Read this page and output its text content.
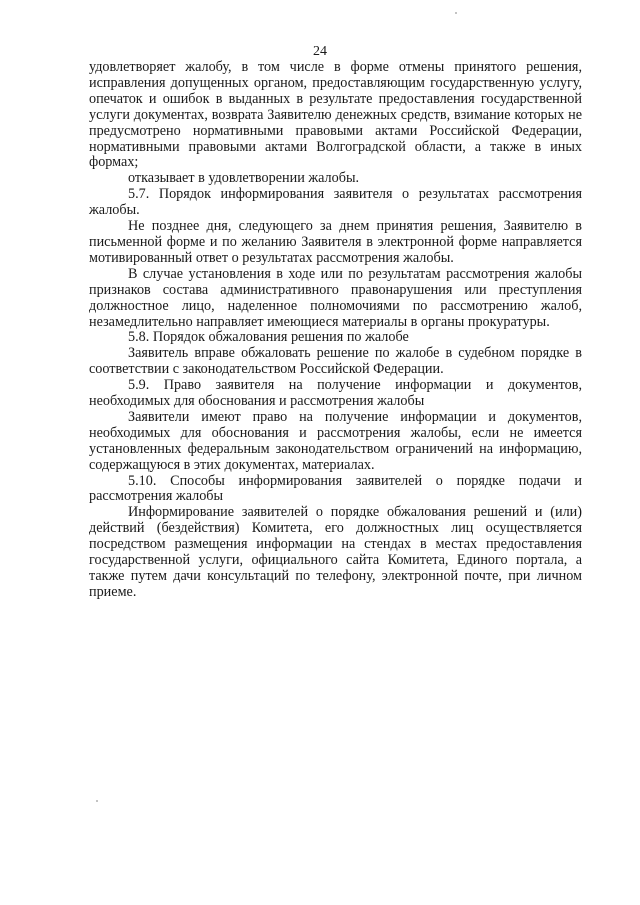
24

удовлетворяет жалобу, в том числе в форме отмены принятого решения, исправления допущенных органом, предоставляющим государственную услугу, опечаток и ошибок в выданных в результате предоставления государственной услуги документах, возврата Заявителю денежных средств, взимание которых не предусмотрено нормативными правовыми актами Российской Федерации, нормативными правовыми актами Волгоградской области, а также в иных формах;

отказывает в удовлетворении жалобы.

5.7. Порядок информирования заявителя о результатах рассмотрения жалобы.

Не позднее дня, следующего за днем принятия решения, Заявителю в письменной форме и по желанию Заявителя в электронной форме направляется мотивированный ответ о результатах рассмотрения жалобы.

В случае установления в ходе или по результатам рассмотрения жалобы признаков состава административного правонарушения или преступления должностное лицо, наделенное полномочиями по рассмотрению жалоб, незамедлительно направляет имеющиеся материалы в органы прокуратуры.

5.8. Порядок обжалования решения по жалобе

Заявитель вправе обжаловать решение по жалобе в судебном порядке в соответствии с законодательством Российской Федерации.

5.9. Право заявителя на получение информации и документов, необходимых для обоснования и рассмотрения жалобы

Заявители имеют право на получение информации и документов, необходимых для обоснования и рассмотрения жалобы, если не имеется установленных федеральным законодательством ограничений на информацию, содержащуюся в этих документах, материалах.

5.10. Способы информирования заявителей о порядке подачи и рассмотрения жалобы

Информирование заявителей о порядке обжалования решений и (или) действий (бездействия) Комитета, его должностных лиц осуществляется посредством размещения информации на стендах в местах предоставления государственной услуги, официального сайта Комитета, Единого портала, а также путем дачи консультаций по телефону, электронной почте, при личном приеме.
